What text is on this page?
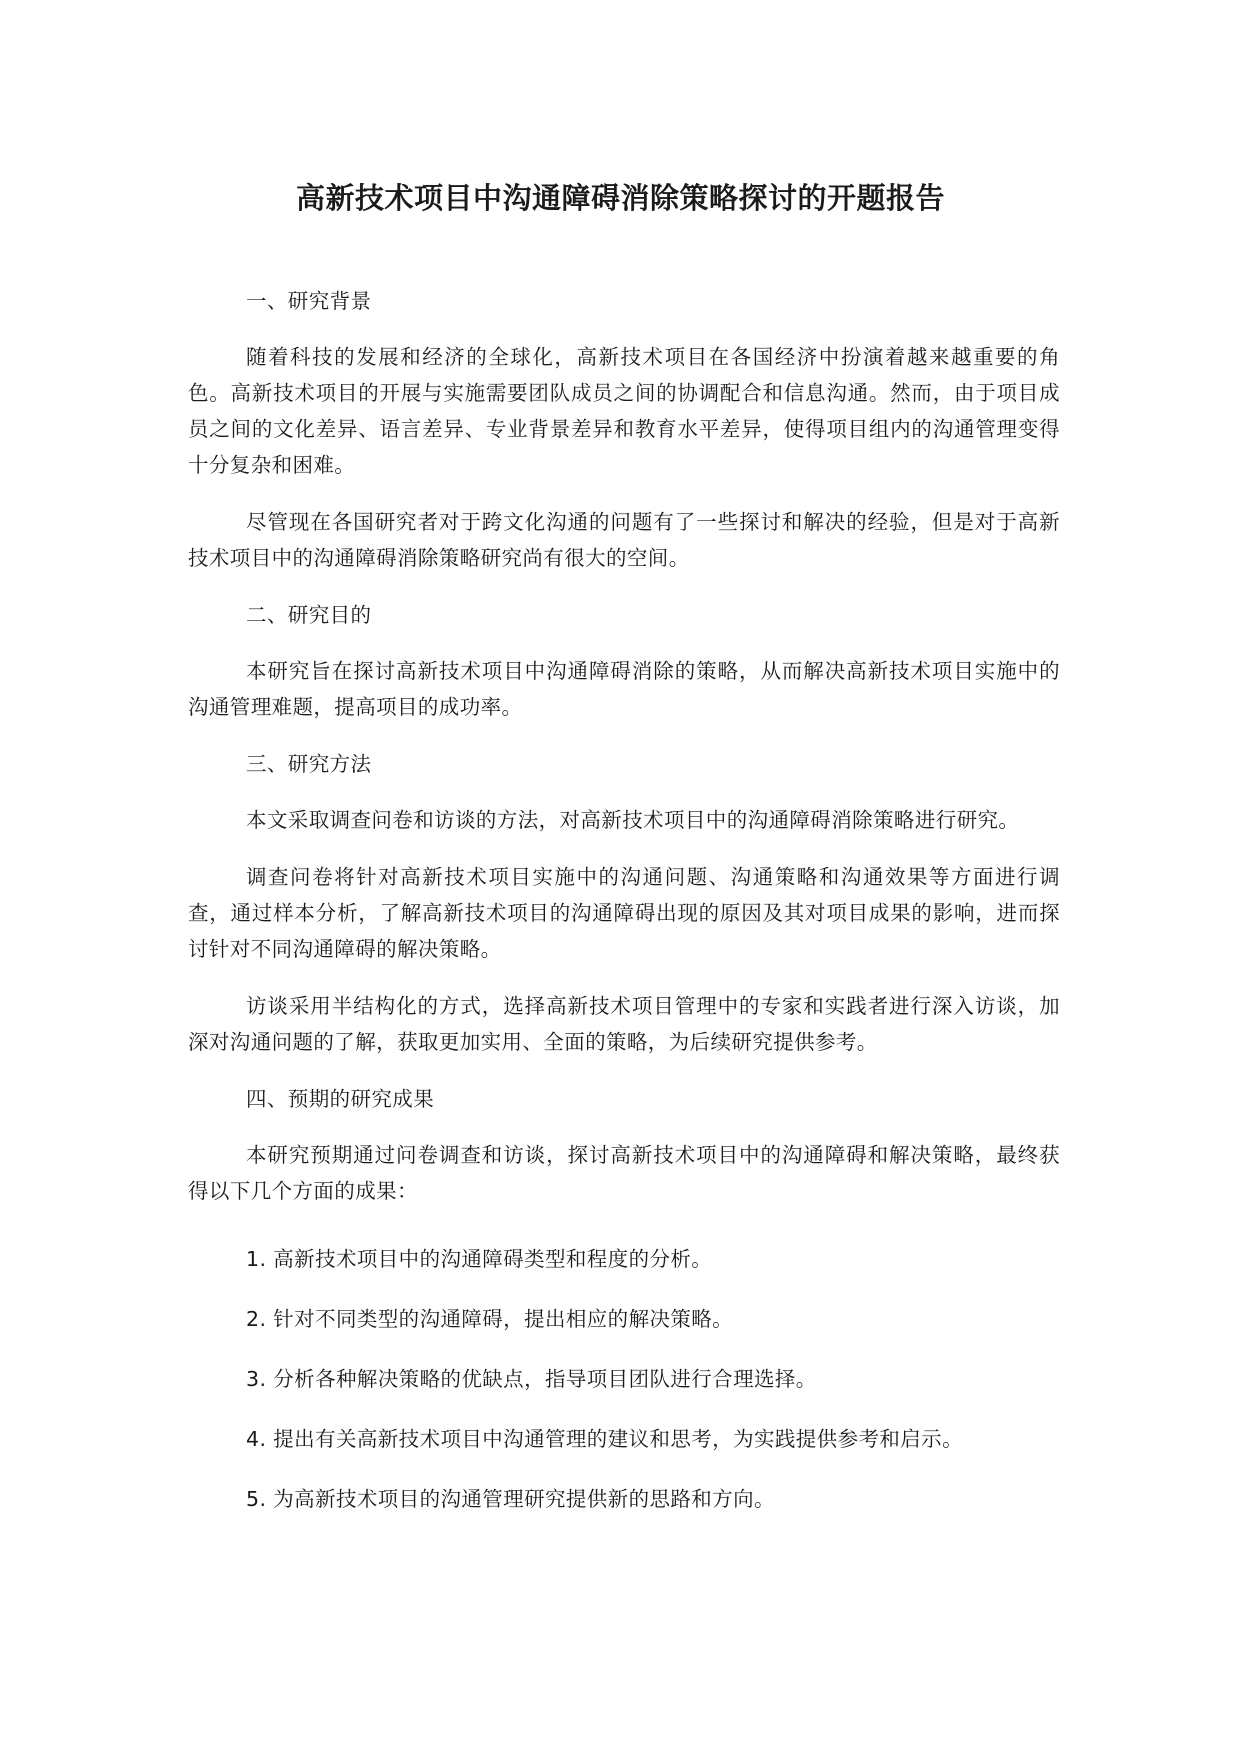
高新技术项目中沟通障碍消除策略探讨的开题报告

一、研究背景

随着科技的发展和经济的全球化，高新技术项目在各国经济中扮演着越来越重要的角色。高新技术项目的开展与实施需要团队成员之间的协调配合和信息沟通。然而，由于项目成员之间的文化差异、语言差异、专业背景差异和教育水平差异，使得项目组内的沟通管理变得十分复杂和困难。

尽管现在各国研究者对于跨文化沟通的问题有了一些探讨和解决的经验，但是对于高新技术项目中的沟通障碍消除策略研究尚有很大的空间。

二、研究目的

本研究旨在探讨高新技术项目中沟通障碍消除的策略，从而解决高新技术项目实施中的沟通管理难题，提高项目的成功率。

三、研究方法

本文采取调查问卷和访谈的方法，对高新技术项目中的沟通障碍消除策略进行研究。

调查问卷将针对高新技术项目实施中的沟通问题、沟通策略和沟通效果等方面进行调查，通过样本分析，了解高新技术项目的沟通障碍出现的原因及其对项目成果的影响，进而探讨针对不同沟通障碍的解决策略。

访谈采用半结构化的方式，选择高新技术项目管理中的专家和实践者进行深入访谈，加深对沟通问题的了解，获取更加实用、全面的策略，为后续研究提供参考。

四、预期的研究成果

本研究预期通过问卷调查和访谈，探讨高新技术项目中的沟通障碍和解决策略，最终获得以下几个方面的成果：

1. 高新技术项目中的沟通障碍类型和程度的分析。

2. 针对不同类型的沟通障碍，提出相应的解决策略。

3. 分析各种解决策略的优缺点，指导项目团队进行合理选择。

4. 提出有关高新技术项目中沟通管理的建议和思考，为实践提供参考和启示。

5. 为高新技术项目的沟通管理研究提供新的思路和方向。
